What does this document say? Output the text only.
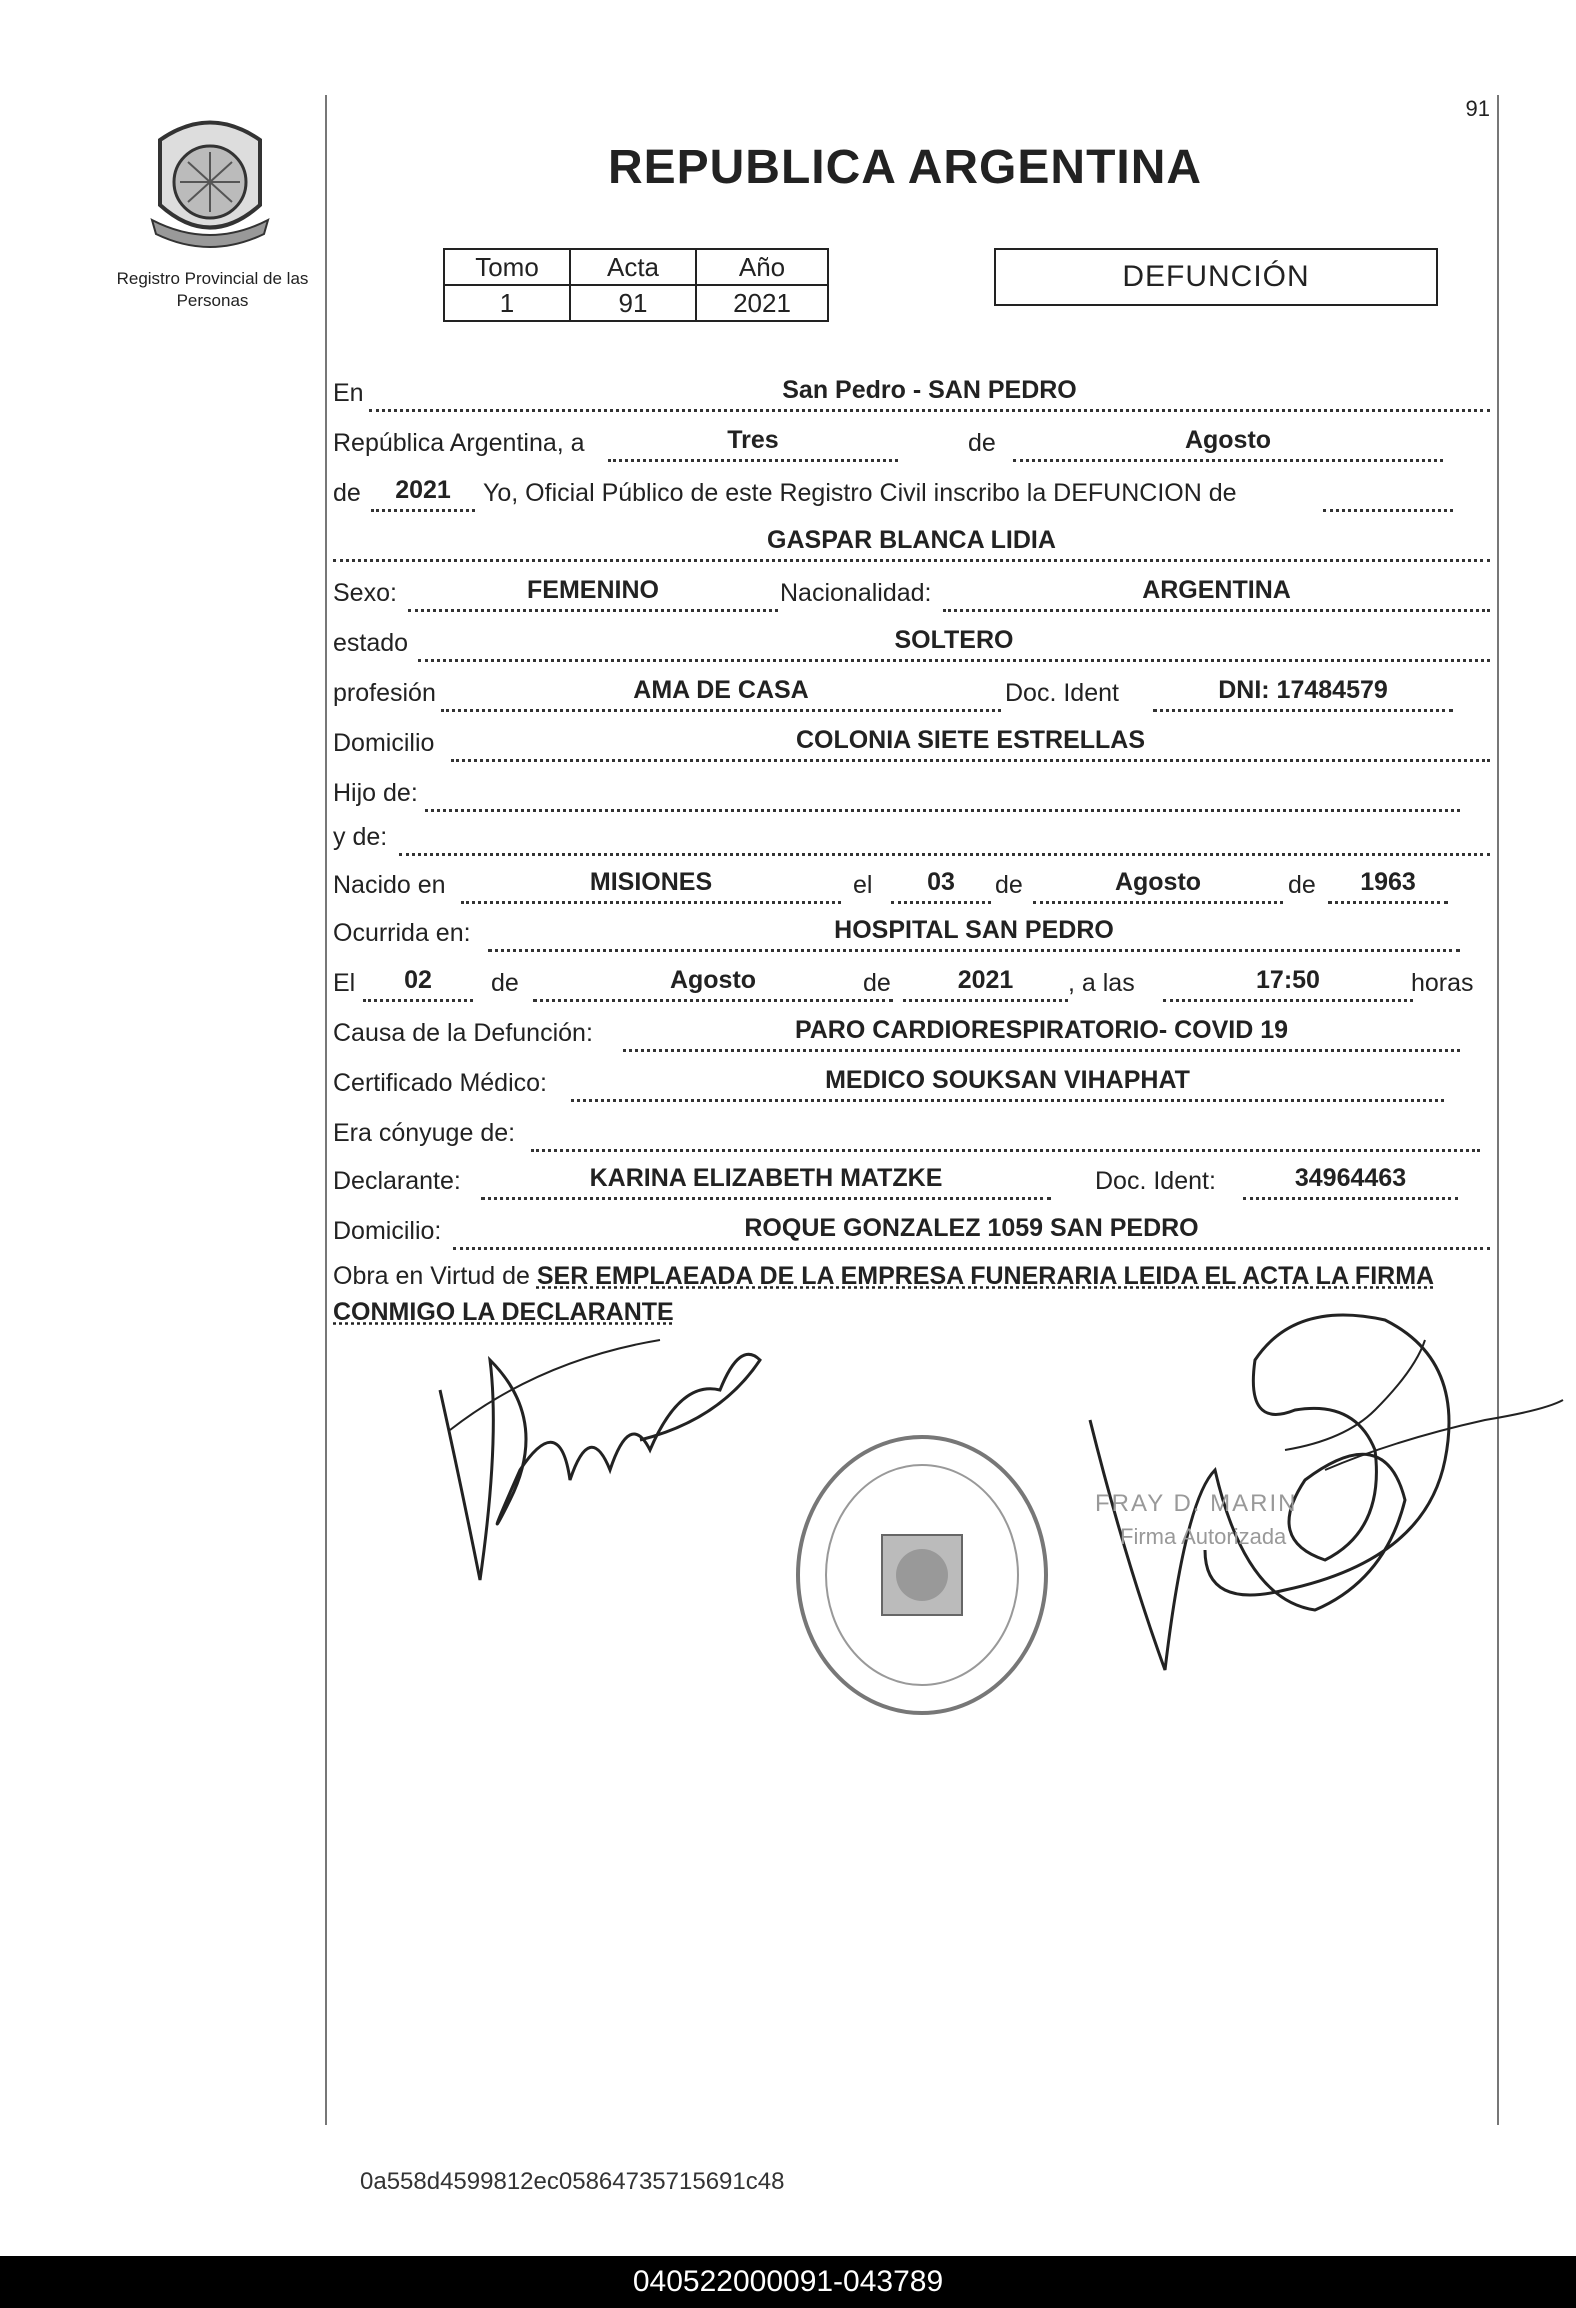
91
Registro Provincial de las Personas
REPUBLICA ARGENTINA
Tomo	Acta	Año
1	91	2021
DEFUNCIÓN
En	San Pedro - SAN PEDRO
República Argentina, a	Tres	de	Agosto
de	2021	Yo, Oficial Público de este Registro Civil inscribo la DEFUNCION de
GASPAR BLANCA LIDIA
Sexo:	FEMENINO	Nacionalidad:	ARGENTINA
estado	SOLTERO
profesión	AMA DE CASA	Doc. Ident	DNI: 17484579
Domicilio	COLONIA SIETE ESTRELLAS
Hijo de:
y de:
Nacido en	MISIONES	el	03	de	Agosto	de	1963
Ocurrida en:	HOSPITAL SAN PEDRO
El	02	de	Agosto	de	2021	, a las	17:50	horas
Causa de la Defunción:	PARO CARDIORESPIRATORIO- COVID 19
Certificado Médico:	MEDICO SOUKSAN VIHAPHAT
Era cónyuge de:
Declarante:	KARINA ELIZABETH MATZKE	Doc. Ident:	34964463
Domicilio:	ROQUE GONZALEZ 1059 SAN PEDRO
Obra en Virtud de SER EMPLAEADA DE LA EMPRESA FUNERARIA LEIDA EL ACTA LA FIRMA CONMIGO LA DECLARANTE
FRAY D. MARIN
Firma Autorizada
0a558d4599812ec05864735715691c48
040522000091-043789
